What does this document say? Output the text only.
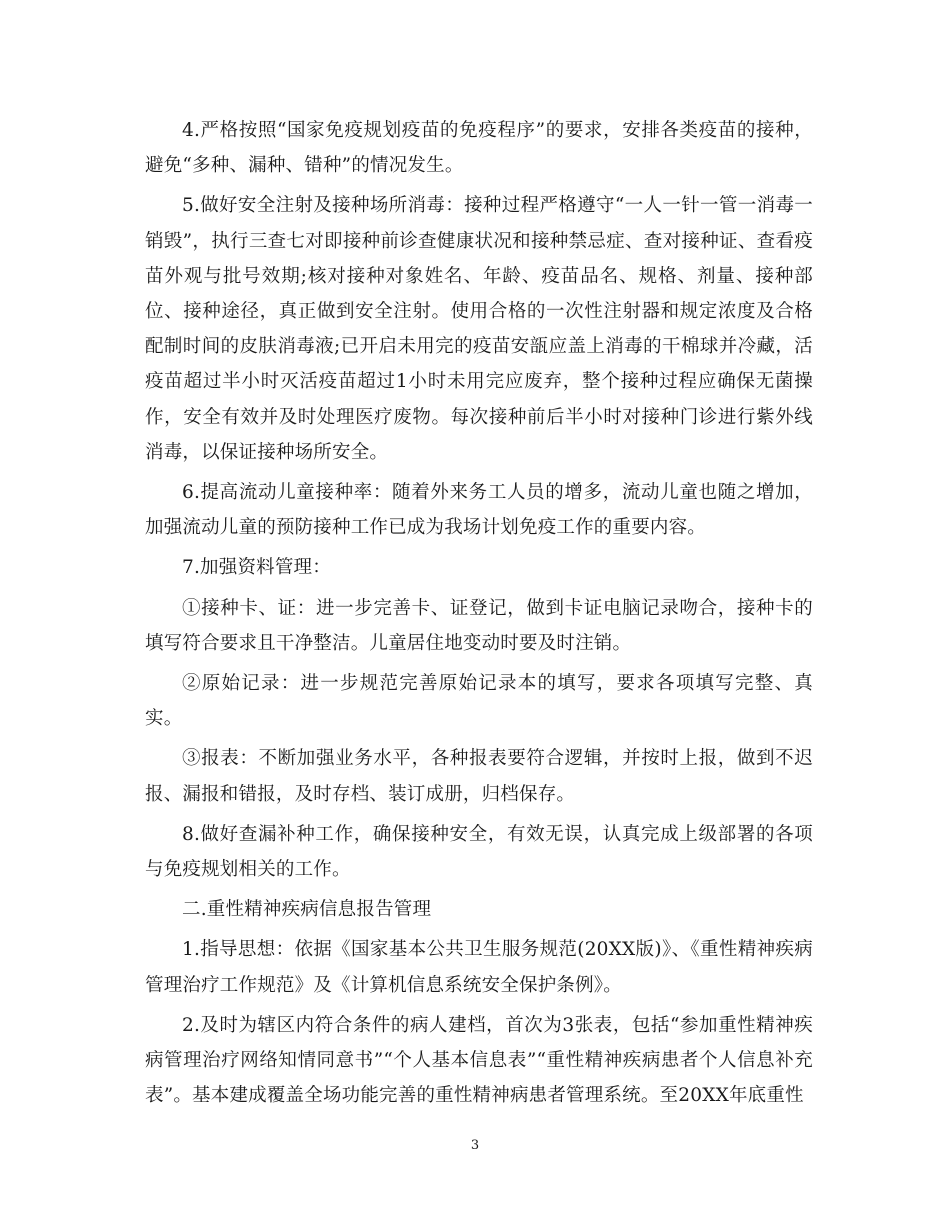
4.严格按照“国家免疫规划疫苗的免疫程序”的要求，安排各类疫苗的接种，避免“多种、漏种、错种”的情况发生。

5.做好安全注射及接种场所消毒：接种过程严格遵守“一人一针一管一消毒一销毁”，执行三查七对即接种前诊查健康状况和接种禁忌症、查对接种证、查看疫苗外观与批号效期;核对接种对象姓名、年龄、疫苗品名、规格、剂量、接种部位、接种途径，真正做到安全注射。使用合格的一次性注射器和规定浓度及合格配制时间的皮肤消毒液;已开启未用完的疫苗安瓿应盖上消毒的干棉球并冷藏，活疫苗超过半小时灭活疫苗超过1小时未用完应废弃，整个接种过程应确保无菌操作，安全有效并及时处理医疗废物。每次接种前后半小时对接种门诊进行紫外线消毒，以保证接种场所安全。

6.提高流动儿童接种率：随着外来务工人员的增多，流动儿童也随之增加，加强流动儿童的预防接种工作已成为我场计划免疫工作的重要内容。

7.加强资料管理：

①接种卡、证：进一步完善卡、证登记，做到卡证电脑记录吻合，接种卡的填写符合要求且干净整洁。儿童居住地变动时要及时注销。

②原始记录：进一步规范完善原始记录本的填写，要求各项填写完整、真实。

③报表：不断加强业务水平，各种报表要符合逻辑，并按时上报，做到不迟报、漏报和错报，及时存档、装订成册，归档保存。

8.做好查漏补种工作，确保接种安全，有效无误，认真完成上级部署的各项与免疫规划相关的工作。

二.重性精神疾病信息报告管理

1.指导思想：依据《国家基本公共卫生服务规范(20XX版)》、《重性精神疾病管理治疗工作规范》及《计算机信息系统安全保护条例》。

2.及时为辖区内符合条件的病人建档，首次为3张表，包括“参加重性精神疾病管理治疗网络知情同意书”“个人基本信息表”“重性精神疾病患者个人信息补充表”。基本建成覆盖全场功能完善的重性精神病患者管理系统。至20XX年底重性

3
